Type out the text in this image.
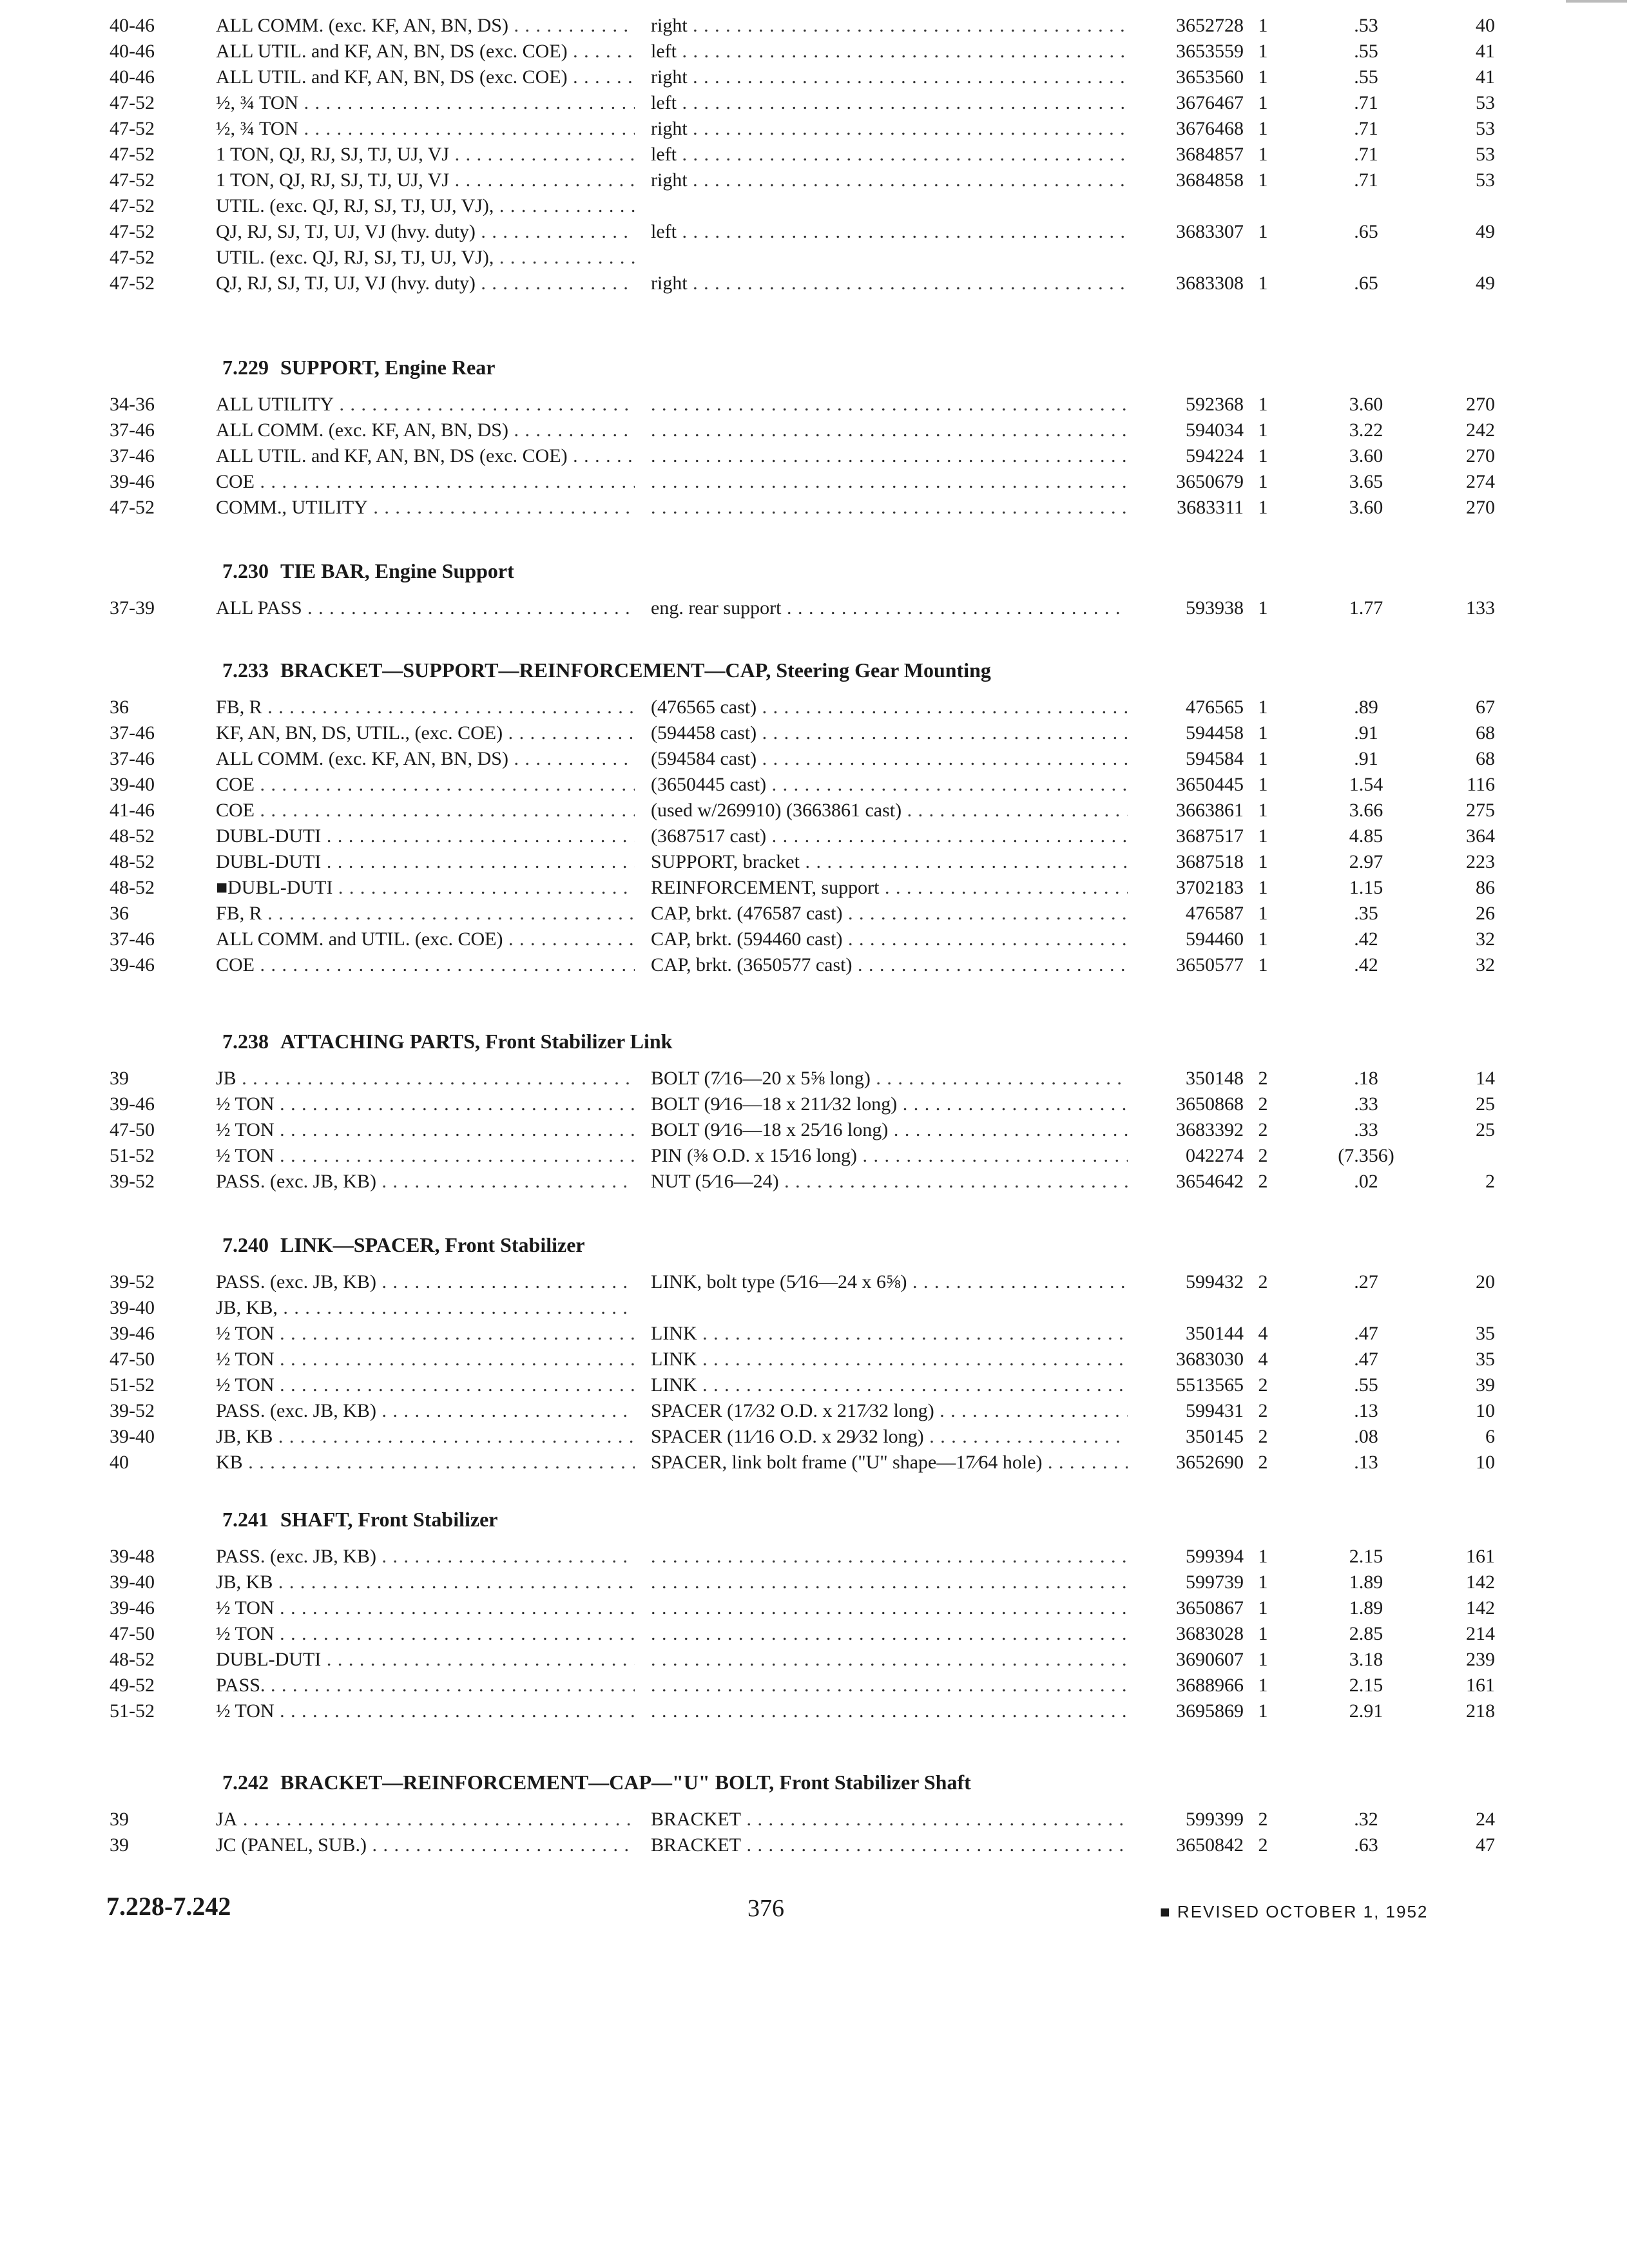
40-46	ALL COMM. (exc. KF, AN, BN, DS) . . .	right . . .	3652728 1	.53	40
40-46	ALL UTIL. and KF, AN, BN, DS (exc. COE) . . .	left . . .	3653559 1	.55	41
40-46	ALL UTIL. and KF, AN, BN, DS (exc. COE) . . .	right . . .	3653560 1	.55	41
47-52	½, ¾ TON . . .	left . . .	3676467 1	.71	53
47-52	½, ¾ TON . . .	right . . .	3676468 1	.71	53
47-52	1 TON, QJ, RJ, SJ, TJ, UJ, VJ . . .	left . . .	3684857 1	.71	53
47-52	1 TON, QJ, RJ, SJ, TJ, UJ, VJ . . .	right . . .	3684858 1	.71	53
47-52	UTIL. (exc. QJ, RJ, SJ, TJ, UJ, VJ), . . .
47-52	QJ, RJ, SJ, TJ, UJ, VJ (hvy. duty) . . .	left . . .	3683307 1	.65	49
47-52	UTIL. (exc. QJ, RJ, SJ, TJ, UJ, VJ), . . .
47-52	QJ, RJ, SJ, TJ, UJ, VJ (hvy. duty) . . .	right . . .	3683308 1	.65	49
7.229 SUPPORT, Engine Rear
34-36	ALL UTILITY . . . . . .	592368 1	3.60	270
37-46	ALL COMM. (exc. KF, AN, BN, DS) . . . . . .	594034 1	3.22	242
37-46	ALL UTIL. and KF, AN, BN, DS (exc. COE) . . . . . .	594224 1	3.60	270
39-46	COE . . . . . .	3650679 1	3.65	274
47-52	COMM., UTILITY . . . . . .	3683311 1	3.60	270
7.230 TIE BAR, Engine Support
37-39	ALL PASS . . .	eng. rear support . . .	593938 1	1.77	133
7.233 BRACKET—SUPPORT—REINFORCEMENT—CAP, Steering Gear Mounting
36	FB, R . . .	(476565 cast) . . .	476565 1	.89	67
37-46	KF, AN, BN, DS, UTIL., (exc. COE) . . .	(594458 cast) . . .	594458 1	.91	68
37-46	ALL COMM. (exc. KF, AN, BN, DS) . . .	(594584 cast) . . .	594584 1	.91	68
39-40	COE . . .	(3650445 cast) . . .	3650445 1	1.54	116
41-46	COE . . .	(used w/269910) (3663861 cast) . . .	3663861 1	3.66	275
48-52	DUBL-DUTI . . .	(3687517 cast) . . .	3687517 1	4.85	364
48-52	DUBL-DUTI . . .	SUPPORT, bracket . . .	3687518 1	2.97	223
48-52	■DUBL-DUTI . . .	REINFORCEMENT, support . . .	3702183 1	1.15	86
36	FB, R . . .	CAP, brkt. (476587 cast) . . .	476587 1	.35	26
37-46	ALL COMM. and UTIL. (exc. COE) . . .	CAP, brkt. (594460 cast) . . .	594460 1	.42	32
39-46	COE . . .	CAP, brkt. (3650577 cast) . . .	3650577 1	.42	32
7.238 ATTACHING PARTS, Front Stabilizer Link
39	JB . . .	BOLT (7⁄16—20 x 5⅝ long) . . .	350148 2	.18	14
39-46	½ TON . . .	BOLT (9⁄16—18 x 211⁄32 long) . . .	3650868 2	.33	25
47-50	½ TON . . .	BOLT (9⁄16—18 x 25⁄16 long) . . .	3683392 2	.33	25
51-52	½ TON . . .	PIN (⅜ O.D. x 15⁄16 long) . . .	042274 2	(7.356)
39-52	PASS. (exc. JB, KB) . . .	NUT (5⁄16—24) . . .	3654642 2	.02	2
7.240 LINK—SPACER, Front Stabilizer
39-52	PASS. (exc. JB, KB) . . .	LINK, bolt type (5⁄16—24 x 6⅝) . . .	599432 2	.27	20
39-40	JB, KB, . . .
39-46	½ TON . . .	LINK . . .	350144 4	.47	35
47-50	½ TON . . .	LINK . . .	3683030 4	.47	35
51-52	½ TON . . .	LINK . . .	5513565 2	.55	39
39-52	PASS. (exc. JB, KB) . . .	SPACER (17⁄32 O.D. x 217⁄32 long) . . .	599431 2	.13	10
39-40	JB, KB . . .	SPACER (11⁄16 O.D. x 29⁄32 long) . . .	350145 2	.08	6
40	KB . . .	SPACER, link bolt frame ("U" shape—17⁄64 hole) . . .	3652690 2	.13	10
7.241 SHAFT, Front Stabilizer
39-48	PASS. (exc. JB, KB) . . . . . .	599394 1	2.15	161
39-40	JB, KB . . . . . .	599739 1	1.89	142
39-46	½ TON . . . . . .	3650867 1	1.89	142
47-50	½ TON . . . . . .	3683028 1	2.85	214
48-52	DUBL-DUTI . . . . . .	3690607 1	3.18	239
49-52	PASS. . . . . . .	3688966 1	2.15	161
51-52	½ TON . . . . . .	3695869 1	2.91	218
7.242 BRACKET—REINFORCEMENT—CAP—"U" BOLT, Front Stabilizer Shaft
39	JA . . .	BRACKET . . .	599399 2	.32	24
39	JC (PANEL, SUB.) . . .	BRACKET . . .	3650842 2	.63	47
7.228-7.242	376	■ REVISED OCTOBER 1, 1952
